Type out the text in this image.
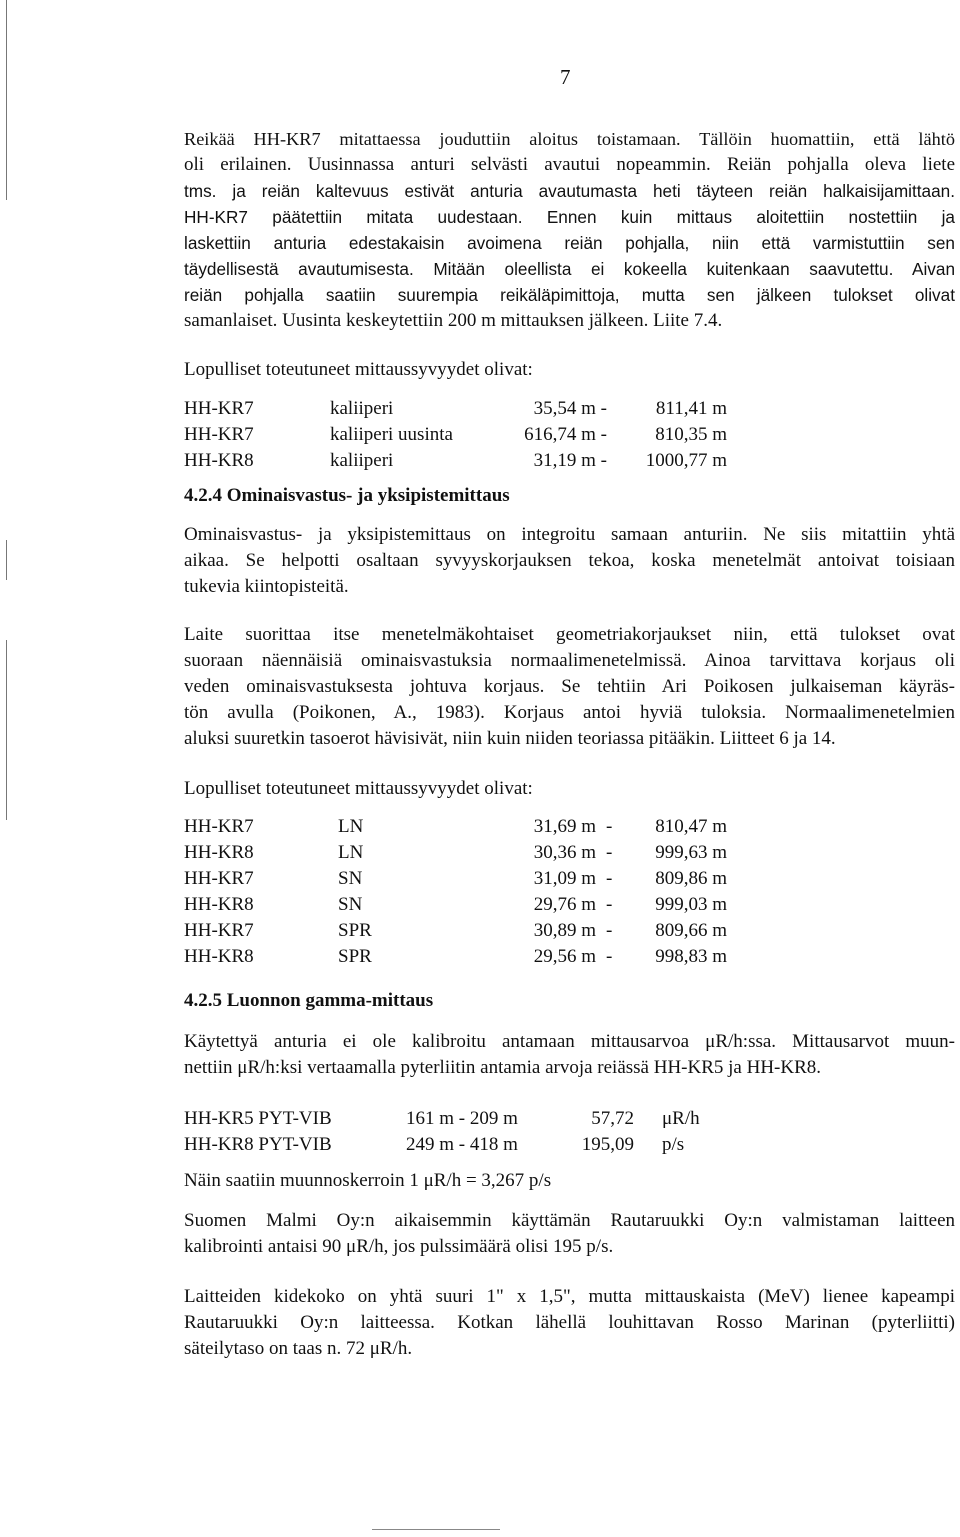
7
Reikää HH-KR7 mitattaessa jouduttiin aloitus toistamaan. Tällöin huomattiin, että lähtö
oli erilainen. Uusinnassa anturi selvästi avautui nopeammin. Reiän pohjalla oleva liete
tms. ja reiän kaltevuus estivät anturia avautumasta heti täyteen reiän halkaisijamittaan.
HH-KR7 päätettiin mitata uudestaan. Ennen kuin mittaus aloitettiin nostettiin ja
laskettiin anturia edestakaisin avoimena reiän pohjalla, niin että varmistuttiin sen
täydellisestä avautumisesta. Mitään oleellista ei kokeella kuitenkaan saavutettu. Aivan
reiän pohjalla saatiin suurempia reikäläpimittoja, mutta sen jälkeen tulokset olivat
samanlaiset. Uusinta keskeytettiin 200 m mittauksen jälkeen. Liite 7.4.
Lopulliset toteutuneet mittaussyvyydet olivat:
HH-KR7	kaliiperi	35,54 m -	811,41 m
HH-KR7	kaliiperi uusinta	616,74 m -	810,35 m
HH-KR8	kaliiperi	31,19 m - 1000,77 m
4.2.4 Ominaisvastus- ja yksipistemittaus
Ominaisvastus- ja yksipistemittaus on integroitu samaan anturiin. Ne siis mitattiin yhtä
aikaa. Se helpotti osaltaan syvyyskorjauksen tekoa, koska menetelmät antoivat toisiaan
tukevia kiintopisteitä.
Laite suorittaa itse menetelmäkohtaiset geometriakorjaukset niin, että tulokset ovat
suoraan näennäisiä ominaisvastuksia normaalimenetelmissä. Ainoa tarvittava korjaus oli
veden ominaisvastuksesta johtuva korjaus. Se tehtiin Ari Poikosen julkaiseman käyräs-
tön avulla (Poikonen, A., 1983). Korjaus antoi hyviä tuloksia. Normaalimenetelmien
aluksi suuretkin tasoerot hävisivät, niin kuin niiden teoriassa pitääkin. Liitteet 6 ja 14.
Lopulliset toteutuneet mittaussyvyydet olivat:
HH-KR7	LN	31,69 m - 810,47 m
HH-KR8	LN	30,36 m - 999,63 m
HH-KR7	SN	31,09 m - 809,86 m
HH-KR8	SN	29,76 m - 999,03 m
HH-KR7	SPR	30,89 m - 809,66 m
HH-KR8	SPR	29,56 m - 998,83 m
4.2.5 Luonnon gamma-mittaus
Käytettyä anturia ei ole kalibroitu antamaan mittausarvoa μR/h:ssa. Mittausarvot muun-
nettiin μR/h:ksi vertaamalla pyterliitin antamia arvoja reiässä HH-KR5 ja HH-KR8.
HH-KR5 PYT-VIB	161 m - 209 m	57,72 μR/h
HH-KR8 PYT-VIB	249 m - 418 m	195,09 p/s
Näin saatiin muunnoskerroin 1 μR/h = 3,267 p/s
Suomen Malmi Oy:n aikaisemmin käyttämän Rautaruukki Oy:n valmistaman laitteen
kalibrointi antaisi 90 μR/h, jos pulssimäärä olisi 195 p/s.
Laitteiden kidekoko on yhtä suuri 1" x 1,5", mutta mittauskaista (MeV) lienee kapeampi
Rautaruukki Oy:n laitteessa. Kotkan lähellä louhittavan Rosso Marinan (pyterliitti)
säteilytaso on taas n. 72 μR/h.
